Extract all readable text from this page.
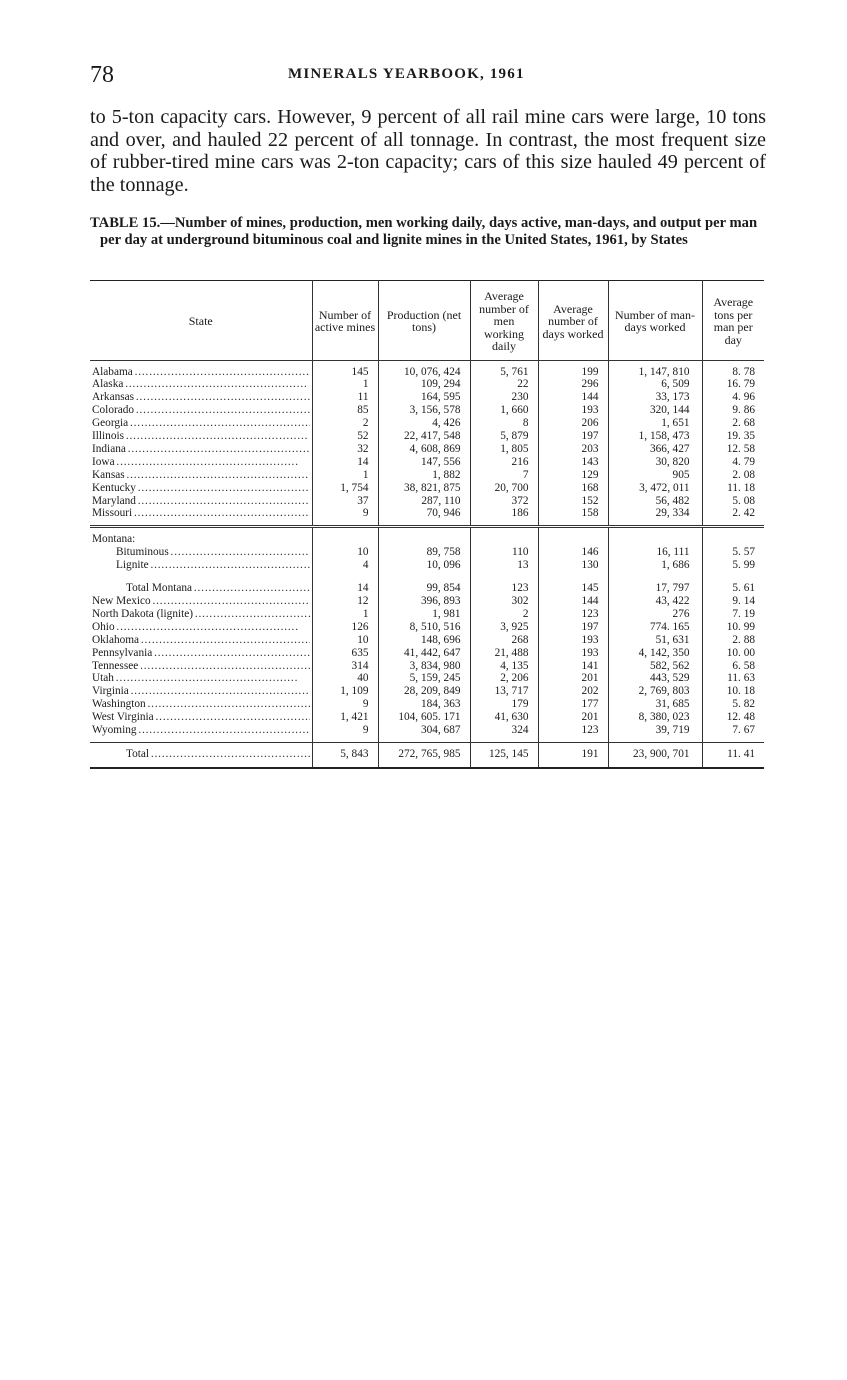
78	MINERALS YEARBOOK, 1961

to 5-ton capacity cars. However, 9 percent of all rail mine cars were large, 10 tons and over, and hauled 22 percent of all tonnage. In contrast, the most frequent size of rubber-tired mine cars was 2-ton capacity; cars of this size hauled 49 percent of the tonnage.

TABLE 15.—Number of mines, production, men working daily, days active, man-days, and output per man per day at underground bituminous coal and lignite mines in the United States, 1961, by States

State	Number of active mines	Production (net tons)	Average number of men working daily	Average number of days worked	Number of man-days worked	Average tons per man per day

Alabama . . .	145	10, 076, 424	5, 761	199	1, 147, 810	8. 78

Alaska . . .	1	109, 294	22	296	6, 509	16. 79

Arkansas . . .	11	164, 595	230	144	33, 173	4. 96

Colorado . . .	85	3, 156, 578	1, 660	193	320, 144	9. 86

Georgia . . .	2	4, 426	8	206	1, 651	2. 68

Illinois . . .	52	22, 417, 548	5, 879	197	1, 158, 473	19. 35

Indiana . . .	32	4, 608, 869	1, 805	203	366, 427	12. 58

Iowa . . .	14	147, 556	216	143	30, 820	4. 79

Kansas . . .	1	1, 882	7	129	905	2. 08

Kentucky . . .	1, 754	38, 821, 875	20, 700	168	3, 472, 011	11. 18

Maryland . . .	37	287, 110	372	152	56, 482	5. 08

Missouri . . .	9	70, 946	186	158	29, 334	2. 42

Montana:						

Bituminous . . .	10	89, 758	110	146	16, 111	5. 57

Lignite . . .	4	10, 096	13	130	1, 686	5. 99

Total Montana . . .	14	99, 854	123	145	17, 797	5. 61

New Mexico . . .	12	396, 893	302	144	43, 422	9. 14

North Dakota (lignite) . . .	1	1, 981	2	123	276	7. 19

Ohio . . .	126	8, 510, 516	3, 925	197	774. 165	10. 99

Oklahoma . . .	10	148, 696	268	193	51, 631	2. 88

Pennsylvania . . .	635	41, 442, 647	21, 488	193	4, 142, 350	10. 00

Tennessee . . .	314	3, 834, 980	4, 135	141	582, 562	6. 58

Utah . . .	40	5, 159, 245	2, 206	201	443, 529	11. 63

Virginia . . .	1, 109	28, 209, 849	13, 717	202	2, 769, 803	10. 18

Washington . . .	9	184, 363	179	177	31, 685	5. 82

West Virginia . . .	1, 421	104, 605. 171	41, 630	201	8, 380, 023	12. 48

Wyoming . . .	9	304, 687	324	123	39, 719	7. 67

Total . . .	5, 843	272, 765, 985	125, 145	191	23, 900, 701	11. 41
